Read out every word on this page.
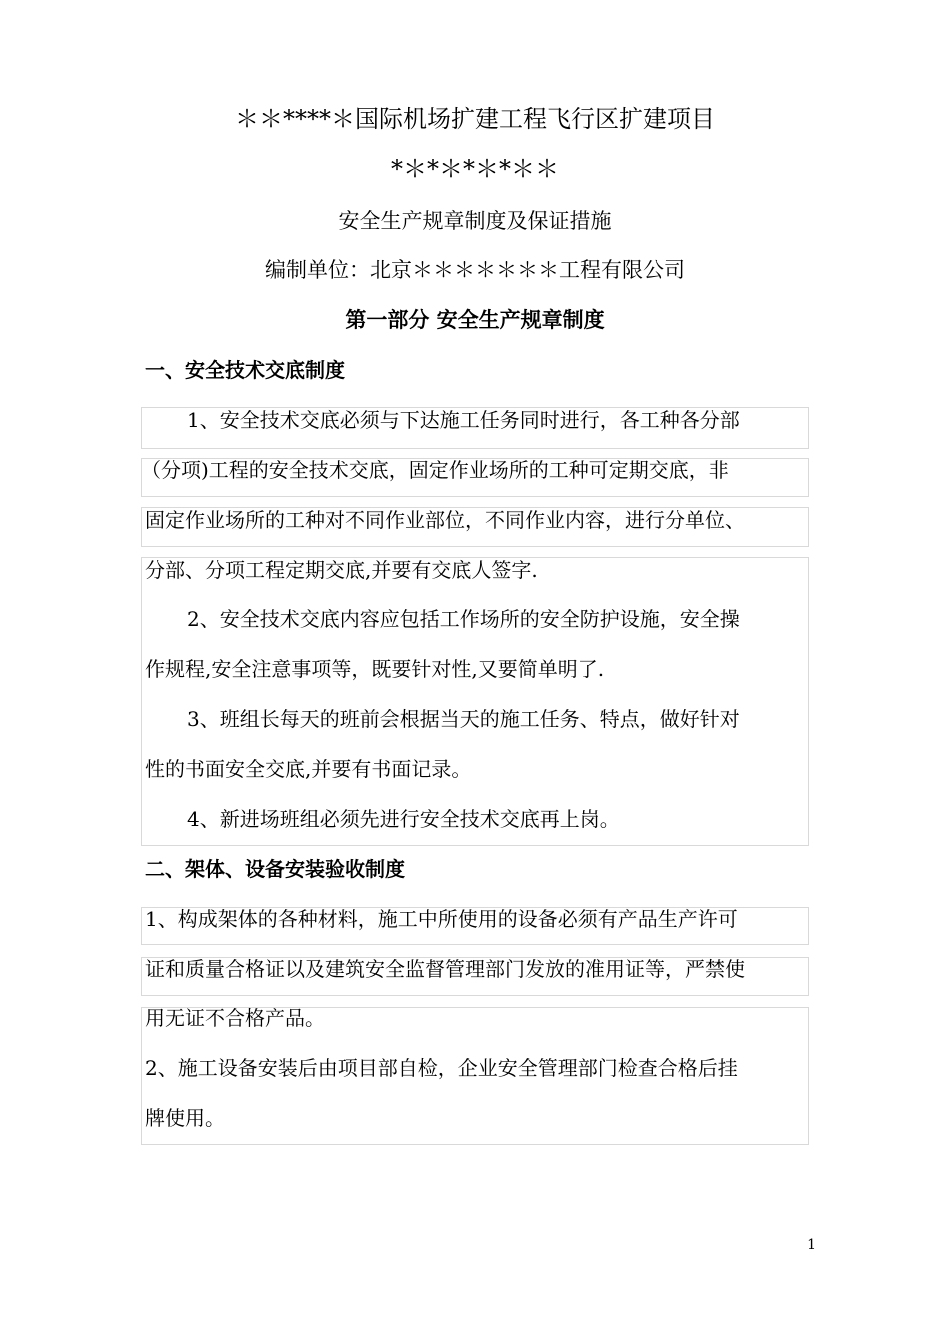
＊＊****＊国际机场扩建工程飞行区扩建项目
*＊*＊*＊*＊＊
安全生产规章制度及保证措施
编制单位：北京＊＊＊＊＊＊＊工程有限公司
第一部分 安全生产规章制度
一、安全技术交底制度
1、安全技术交底必须与下达施工任务同时进行，各工种各分部
（分项)工程的安全技术交底，固定作业场所的工种可定期交底，非
固定作业场所的工种对不同作业部位，不同作业内容，进行分单位、
分部、分项工程定期交底,并要有交底人签字.
2、安全技术交底内容应包括工作场所的安全防护设施，安全操
作规程,安全注意事项等，既要针对性,又要简单明了.
3、班组长每天的班前会根据当天的施工任务、特点，做好针对
性的书面安全交底,并要有书面记录。
4、新进场班组必须先进行安全技术交底再上岗。
二、架体、设备安装验收制度
1、构成架体的各种材料，施工中所使用的设备必须有产品生产许可
证和质量合格证以及建筑安全监督管理部门发放的准用证等，严禁使
用无证不合格产品。
2、施工设备安装后由项目部自检，企业安全管理部门检查合格后挂
牌使用。
1
